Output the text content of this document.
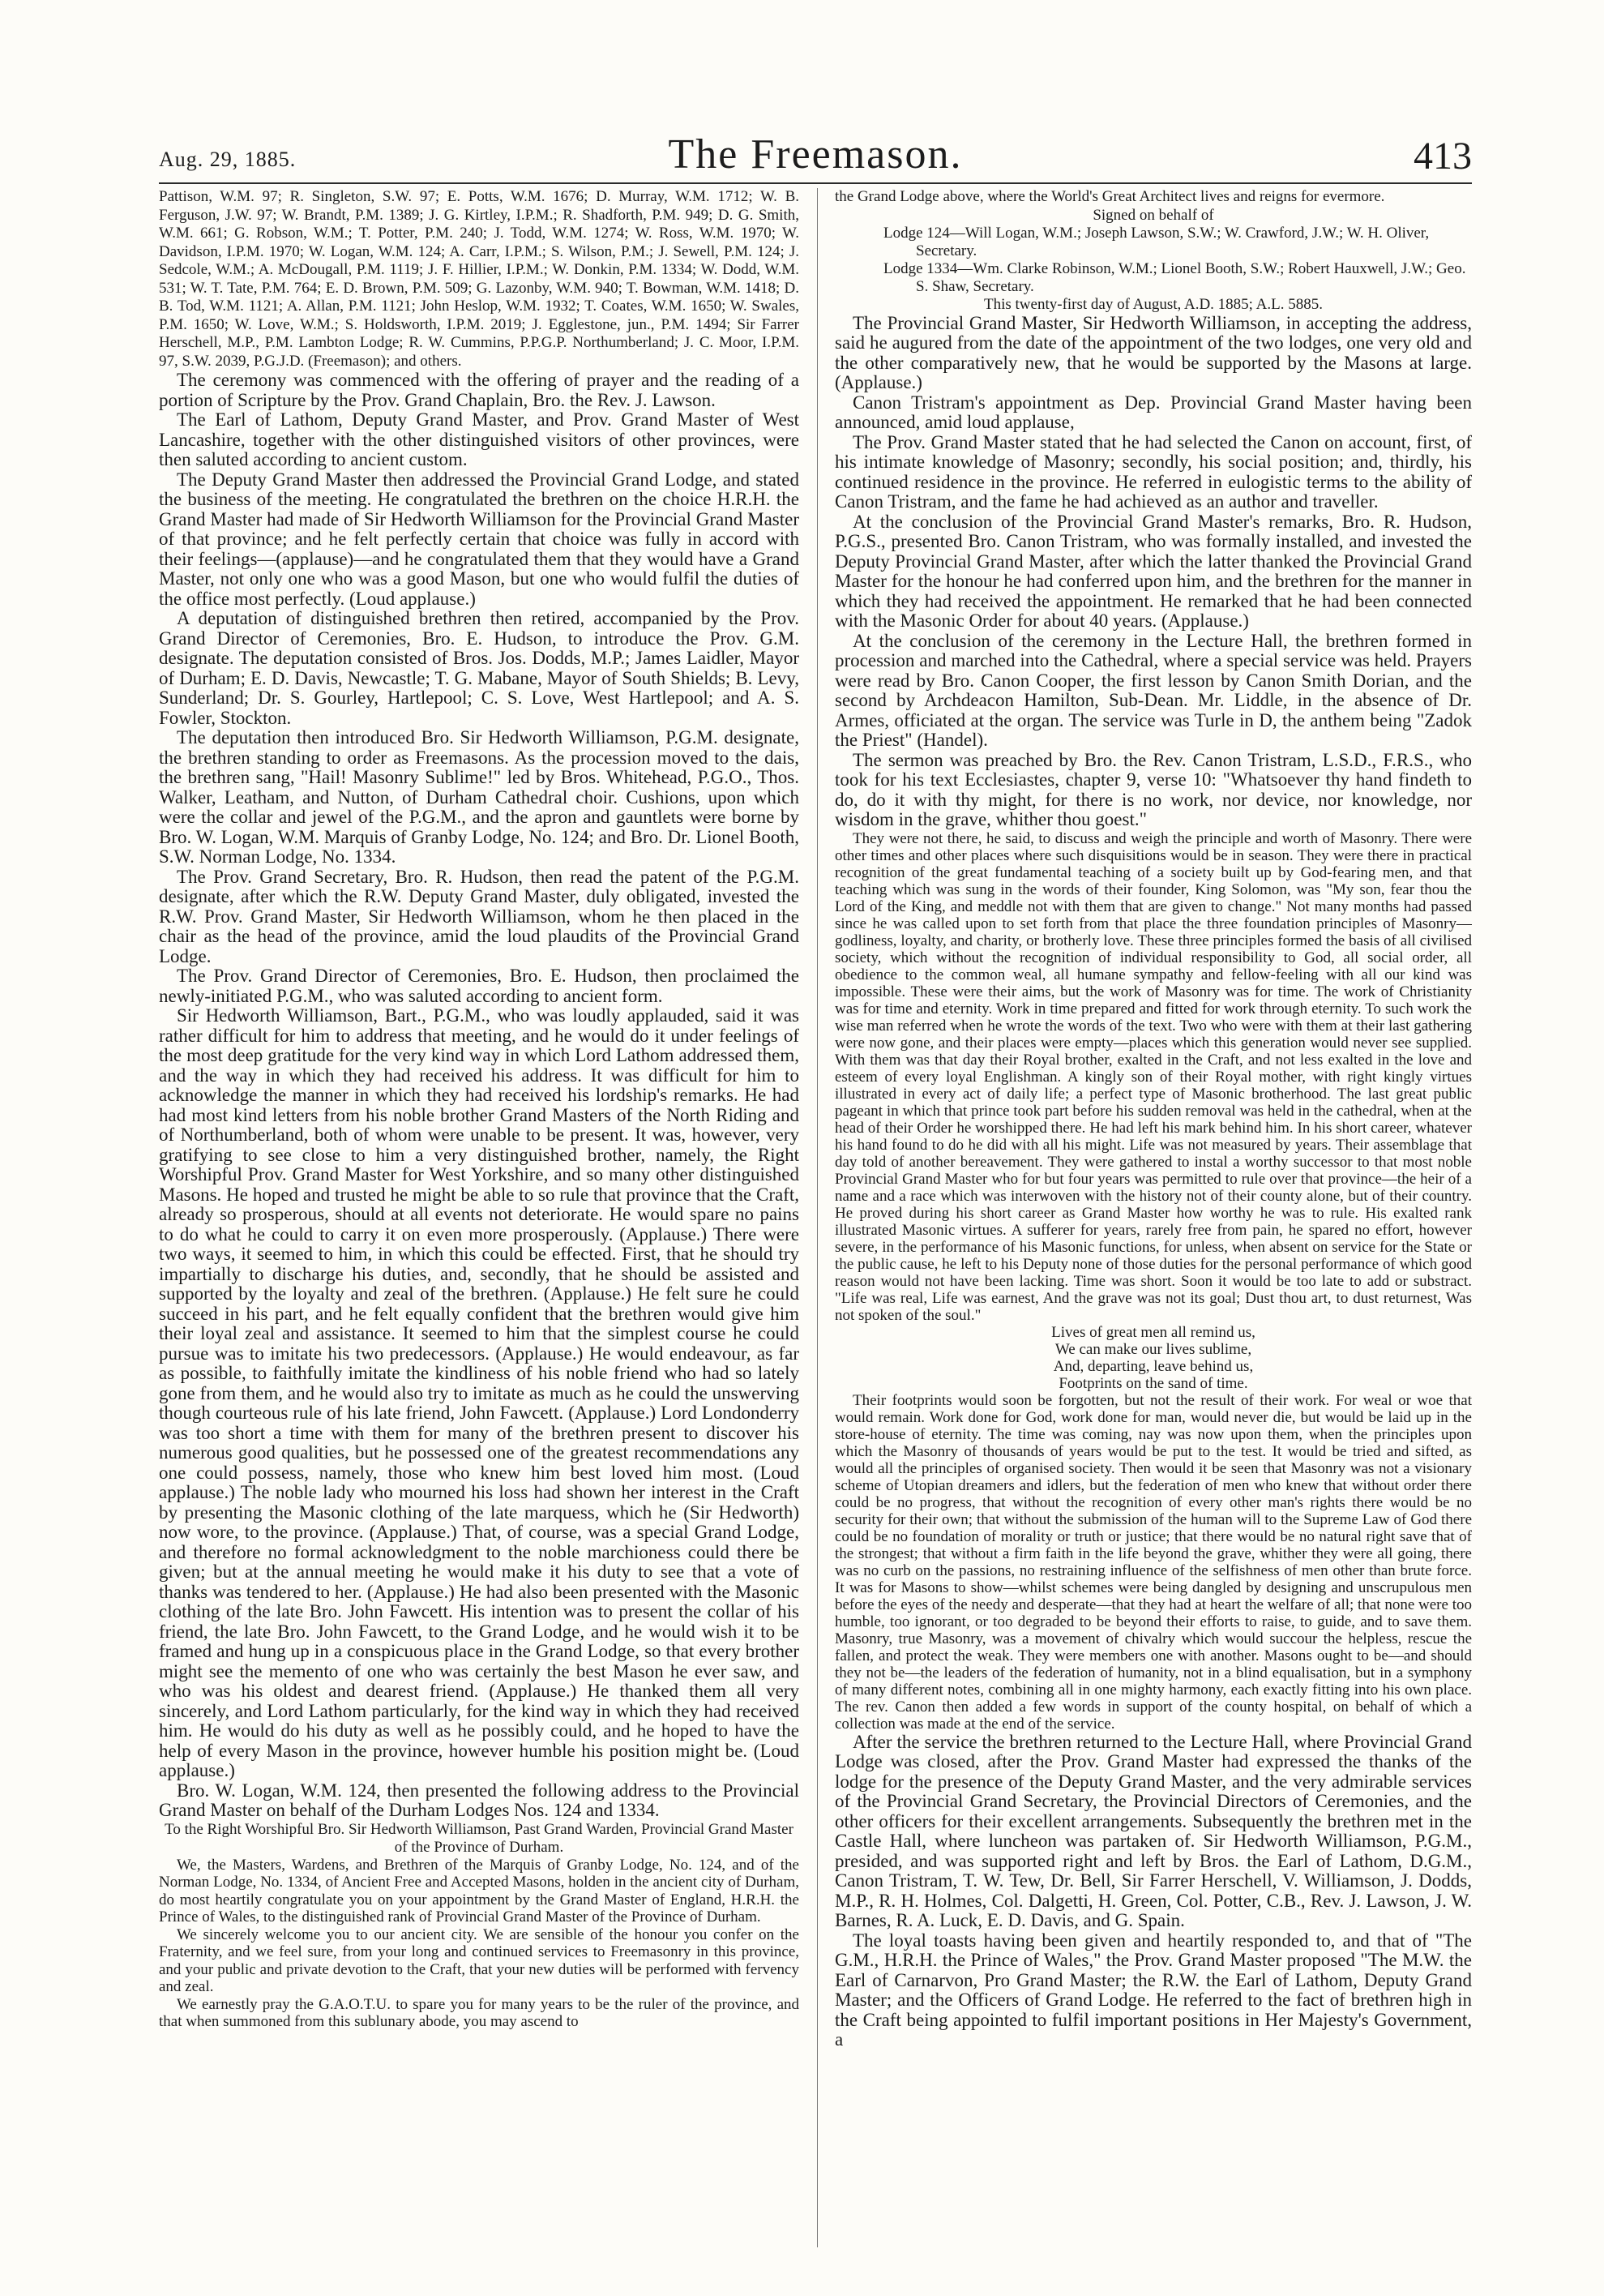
Aug. 29, 1885.	The Freemason.	413

Pattison, W.M. 97; R. Singleton, S.W. 97; E. Potts, W.M. 1676; D. Murray, W.M. 1712; W. B. Ferguson, J.W. 97; W. Brandt, P.M. 1389; J. G. Kirtley, I.P.M.; R. Shadforth, P.M. 949; D. G. Smith, W.M. 661; G. Robson, W.M.; T. Potter, P.M. 240; J. Todd, W.M. 1274; W. Ross, W.M. 1970; W. Davidson, I.P.M. 1970; W. Logan, W.M. 124; A. Carr, I.P.M.; S. Wilson, P.M.; J. Sewell, P.M. 124; J. Sedcole, W.M.; A. McDougall, P.M. 1119; J. F. Hillier, I.P.M.; W. Donkin, P.M. 1334; W. Dodd, W.M. 531; W. T. Tate, P.M. 764; E. D. Brown, P.M. 509; G. Lazonby, W.M. 940; T. Bowman, W.M. 1418; D. B. Tod, W.M. 1121; A. Allan, P.M. 1121; John Heslop, W.M. 1932; T. Coates, W.M. 1650; W. Swales, P.M. 1650; W. Love, W.M.; S. Holdsworth, I.P.M. 2019; J. Egglestone, jun., P.M. 1494; Sir Farrer Herschell, M.P., P.M. Lambton Lodge; R. W. Cummins, P.P.G.P. Northumberland; J. C. Moor, I.P.M. 97, S.W. 2039, P.G.J.D. (Freemason); and others.

The ceremony was commenced with the offering of prayer and the reading of a portion of Scripture by the Prov. Grand Chaplain, Bro. the Rev. J. Lawson.

The Earl of Lathom, Deputy Grand Master, and Prov. Grand Master of West Lancashire, together with the other distinguished visitors of other provinces, were then saluted according to ancient custom.

The Deputy Grand Master then addressed the Provincial Grand Lodge, and stated the business of the meeting. He congratulated the brethren on the choice H.R.H. the Grand Master had made of Sir Hedworth Williamson for the Provincial Grand Master of that province; and he felt perfectly certain that choice was fully in accord with their feelings—(applause)—and he congratulated them that they would have a Grand Master, not only one who was a good Mason, but one who would fulfil the duties of the office most perfectly. (Loud applause.)

A deputation of distinguished brethren then retired, accompanied by the Prov. Grand Director of Ceremonies, Bro. E. Hudson, to introduce the Prov. G.M. designate. The deputation consisted of Bros. Jos. Dodds, M.P.; James Laidler, Mayor of Durham; E. D. Davis, Newcastle; T. G. Mabane, Mayor of South Shields; B. Levy, Sunderland; Dr. S. Gourley, Hartlepool; C. S. Love, West Hartlepool; and A. S. Fowler, Stockton.

The deputation then introduced Bro. Sir Hedworth Williamson, P.G.M. designate, the brethren standing to order as Freemasons. As the procession moved to the dais, the brethren sang, "Hail! Masonry Sublime!" led by Bros. Whitehead, P.G.O., Thos. Walker, Leatham, and Nutton, of Durham Cathedral choir. Cushions, upon which were the collar and jewel of the P.G.M., and the apron and gauntlets were borne by Bro. W. Logan, W.M. Marquis of Granby Lodge, No. 124; and Bro. Dr. Lionel Booth, S.W. Norman Lodge, No. 1334.

The Prov. Grand Secretary, Bro. R. Hudson, then read the patent of the P.G.M. designate, after which the R.W. Deputy Grand Master, duly obligated, invested the R.W. Prov. Grand Master, Sir Hedworth Williamson, whom he then placed in the chair as the head of the province, amid the loud plaudits of the Provincial Grand Lodge.

The Prov. Grand Director of Ceremonies, Bro. E. Hudson, then proclaimed the newly-initiated P.G.M., who was saluted according to ancient form.

Sir Hedworth Williamson, Bart., P.G.M., who was loudly applauded, said it was rather difficult for him to address that meeting, and he would do it under feelings of the most deep gratitude for the very kind way in which Lord Lathom addressed them, and the way in which they had received his address. It was difficult for him to acknowledge the manner in which they had received his lordship's remarks. He had had most kind letters from his noble brother Grand Masters of the North Riding and of Northumberland, both of whom were unable to be present. It was, however, very gratifying to see close to him a very distinguished brother, namely, the Right Worshipful Prov. Grand Master for West Yorkshire, and so many other distinguished Masons. He hoped and trusted he might be able to so rule that province that the Craft, already so prosperous, should at all events not deteriorate. He would spare no pains to do what he could to carry it on even more prosperously. (Applause.) There were two ways, it seemed to him, in which this could be effected. First, that he should try impartially to discharge his duties, and, secondly, that he should be assisted and supported by the loyalty and zeal of the brethren. (Applause.) He felt sure he could succeed in his part, and he felt equally confident that the brethren would give him their loyal zeal and assistance. It seemed to him that the simplest course he could pursue was to imitate his two predecessors. (Applause.) He would endeavour, as far as possible, to faithfully imitate the kindliness of his noble friend who had so lately gone from them, and he would also try to imitate as much as he could the unswerving though courteous rule of his late friend, John Fawcett. (Applause.) Lord Londonderry was too short a time with them for many of the brethren present to discover his numerous good qualities, but he possessed one of the greatest recommendations any one could possess, namely, those who knew him best loved him most. (Loud applause.) The noble lady who mourned his loss had shown her interest in the Craft by presenting the Masonic clothing of the late marquess, which he (Sir Hedworth) now wore, to the province. (Applause.) That, of course, was a special Grand Lodge, and therefore no formal acknowledgment to the noble marchioness could there be given; but at the annual meeting he would make it his duty to see that a vote of thanks was tendered to her. (Applause.) He had also been presented with the Masonic clothing of the late Bro. John Fawcett. His intention was to present the collar of his friend, the late Bro. John Fawcett, to the Grand Lodge, and he would wish it to be framed and hung up in a conspicuous place in the Grand Lodge, so that every brother might see the memento of one who was certainly the best Mason he ever saw, and who was his oldest and dearest friend. (Applause.) He thanked them all very sincerely, and Lord Lathom particularly, for the kind way in which they had received him. He would do his duty as well as he possibly could, and he hoped to have the help of every Mason in the province, however humble his position might be. (Loud applause.)

Bro. W. Logan, W.M. 124, then presented the following address to the Provincial Grand Master on behalf of the Durham Lodges Nos. 124 and 1334.

To the Right Worshipful Bro. Sir Hedworth Williamson, Past Grand Warden, Provincial Grand Master of the Province of Durham.

We, the Masters, Wardens, and Brethren of the Marquis of Granby Lodge, No. 124, and of the Norman Lodge, No. 1334, of Ancient Free and Accepted Masons, holden in the ancient city of Durham, do most heartily congratulate you on your appointment by the Grand Master of England, H.R.H. the Prince of Wales, to the distinguished rank of Provincial Grand Master of the Province of Durham.

We sincerely welcome you to our ancient city. We are sensible of the honour you confer on the Fraternity, and we feel sure, from your long and continued services to Freemasonry in this province, and your public and private devotion to the Craft, that your new duties will be performed with fervency and zeal.

We earnestly pray the G.A.O.T.U. to spare you for many years to be the ruler of the province, and that when summoned from this sublunary abode, you may ascend to

the Grand Lodge above, where the World's Great Architect lives and reigns for evermore.

Signed on behalf of

Lodge 124—Will Logan, W.M.; Joseph Lawson, S.W.; W. Crawford, J.W.; W. H. Oliver, Secretary.

Lodge 1334—Wm. Clarke Robinson, W.M.; Lionel Booth, S.W.; Robert Hauxwell, J.W.; Geo. S. Shaw, Secretary.

This twenty-first day of August, A.D. 1885; A.L. 5885.

The Provincial Grand Master, Sir Hedworth Williamson, in accepting the address, said he augured from the date of the appointment of the two lodges, one very old and the other comparatively new, that he would be supported by the Masons at large. (Applause.)

Canon Tristram's appointment as Dep. Provincial Grand Master having been announced, amid loud applause,

The Prov. Grand Master stated that he had selected the Canon on account, first, of his intimate knowledge of Masonry; secondly, his social position; and, thirdly, his continued residence in the province. He referred in eulogistic terms to the ability of Canon Tristram, and the fame he had achieved as an author and traveller.

At the conclusion of the Provincial Grand Master's remarks, Bro. R. Hudson, P.G.S., presented Bro. Canon Tristram, who was formally installed, and invested the Deputy Provincial Grand Master, after which the latter thanked the Provincial Grand Master for the honour he had conferred upon him, and the brethren for the manner in which they had received the appointment. He remarked that he had been connected with the Masonic Order for about 40 years. (Applause.)

At the conclusion of the ceremony in the Lecture Hall, the brethren formed in procession and marched into the Cathedral, where a special service was held. Prayers were read by Bro. Canon Cooper, the first lesson by Canon Smith Dorian, and the second by Archdeacon Hamilton, Sub-Dean. Mr. Liddle, in the absence of Dr. Armes, officiated at the organ. The service was Turle in D, the anthem being "Zadok the Priest" (Handel).

The sermon was preached by Bro. the Rev. Canon Tristram, L.S.D., F.R.S., who took for his text Ecclesiastes, chapter 9, verse 10: "Whatsoever thy hand findeth to do, do it with thy might, for there is no work, nor device, nor knowledge, nor wisdom in the grave, whither thou goest."

They were not there, he said, to discuss and weigh the principle and worth of Masonry. There were other times and other places where such disquisitions would be in season. They were there in practical recognition of the great fundamental teaching of a society built up by God-fearing men, and that teaching which was sung in the words of their founder, King Solomon, was "My son, fear thou the Lord of the King, and meddle not with them that are given to change." Not many months had passed since he was called upon to set forth from that place the three foundation principles of Masonry—godliness, loyalty, and charity, or brotherly love. These three principles formed the basis of all civilised society, which without the recognition of individual responsibility to God, all social order, all obedience to the common weal, all humane sympathy and fellow-feeling with all our kind was impossible. These were their aims, but the work of Masonry was for time. The work of Christianity was for time and eternity. Work in time prepared and fitted for work through eternity. To such work the wise man referred when he wrote the words of the text. Two who were with them at their last gathering were now gone, and their places were empty—places which this generation would never see supplied. With them was that day their Royal brother, exalted in the Craft, and not less exalted in the love and esteem of every loyal Englishman. A kingly son of their Royal mother, with right kingly virtues illustrated in every act of daily life; a perfect type of Masonic brotherhood. The last great public pageant in which that prince took part before his sudden removal was held in the cathedral, when at the head of their Order he worshipped there. He had left his mark behind him. In his short career, whatever his hand found to do he did with all his might. Life was not measured by years. Their assemblage that day told of another bereavement. They were gathered to instal a worthy successor to that most noble Provincial Grand Master who for but four years was permitted to rule over that province—the heir of a name and a race which was interwoven with the history not of their county alone, but of their country. He proved during his short career as Grand Master how worthy he was to rule. His exalted rank illustrated Masonic virtues. A sufferer for years, rarely free from pain, he spared no effort, however severe, in the performance of his Masonic functions, for unless, when absent on service for the State or the public cause, he left to his Deputy none of those duties for the personal performance of which good reason would not have been lacking. Time was short. Soon it would be too late to add or substract. "Life was real, Life was earnest, And the grave was not its goal; Dust thou art, to dust returnest, Was not spoken of the soul."

Lives of great men all remind us,

We can make our lives sublime,

And, departing, leave behind us,

Footprints on the sand of time.

Their footprints would soon be forgotten, but not the result of their work. For weal or woe that would remain. Work done for God, work done for man, would never die, but would be laid up in the store-house of eternity. The time was coming, nay was now upon them, when the principles upon which the Masonry of thousands of years would be put to the test. It would be tried and sifted, as would all the principles of organised society. Then would it be seen that Masonry was not a visionary scheme of Utopian dreamers and idlers, but the federation of men who knew that without order there could be no progress, that without the recognition of every other man's rights there would be no security for their own; that without the submission of the human will to the Supreme Law of God there could be no foundation of morality or truth or justice; that there would be no natural right save that of the strongest; that without a firm faith in the life beyond the grave, whither they were all going, there was no curb on the passions, no restraining influence of the selfishness of men other than brute force. It was for Masons to show—whilst schemes were being dangled by designing and unscrupulous men before the eyes of the needy and desperate—that they had at heart the welfare of all; that none were too humble, too ignorant, or too degraded to be beyond their efforts to raise, to guide, and to save them. Masonry, true Masonry, was a movement of chivalry which would succour the helpless, rescue the fallen, and protect the weak. They were members one with another. Masons ought to be—and should they not be—the leaders of the federation of humanity, not in a blind equalisation, but in a symphony of many different notes, combining all in one mighty harmony, each exactly fitting into his own place. The rev. Canon then added a few words in support of the county hospital, on behalf of which a collection was made at the end of the service.

After the service the brethren returned to the Lecture Hall, where Provincial Grand Lodge was closed, after the Prov. Grand Master had expressed the thanks of the lodge for the presence of the Deputy Grand Master, and the very admirable services of the Provincial Grand Secretary, the Provincial Directors of Ceremonies, and the other officers for their excellent arrangements. Subsequently the brethren met in the Castle Hall, where luncheon was partaken of. Sir Hedworth Williamson, P.G.M., presided, and was supported right and left by Bros. the Earl of Lathom, D.G.M., Canon Tristram, T. W. Tew, Dr. Bell, Sir Farrer Herschell, V. Williamson, J. Dodds, M.P., R. H. Holmes, Col. Dalgetti, H. Green, Col. Potter, C.B., Rev. J. Lawson, J. W. Barnes, R. A. Luck, E. D. Davis, and G. Spain.

The loyal toasts having been given and heartily responded to, and that of "The G.M., H.R.H. the Prince of Wales," the Prov. Grand Master proposed "The M.W. the Earl of Carnarvon, Pro Grand Master; the R.W. the Earl of Lathom, Deputy Grand Master; and the Officers of Grand Lodge. He referred to the fact of brethren high in the Craft being appointed to fulfil important positions in Her Majesty's Government, a
